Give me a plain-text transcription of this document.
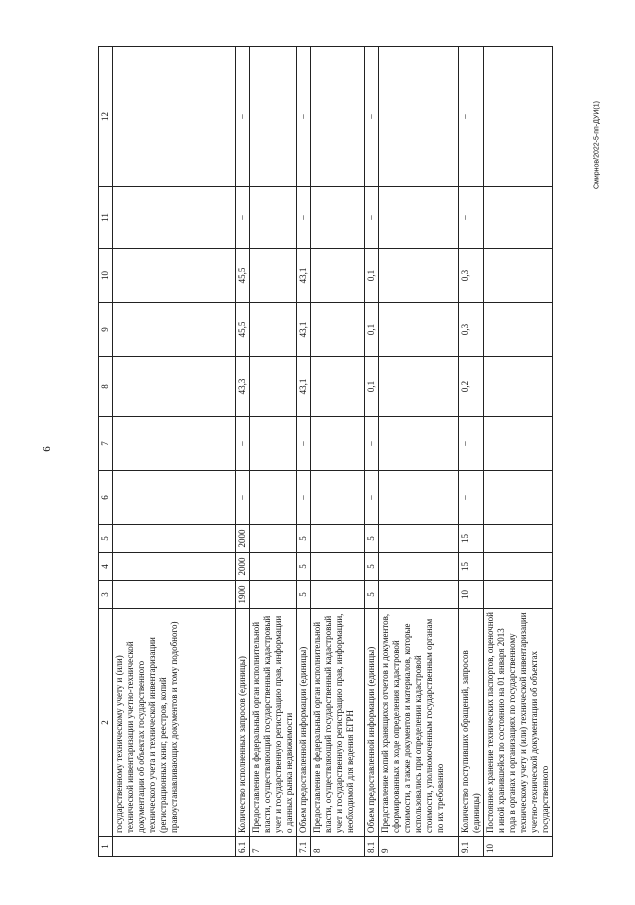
6
Смирнов/2022-5-пп-ДУИ(1)
1	2	3	4	5	6	7	8	9	10	11	12
	государственному техническому учету и (или) технической инвентаризации учетно-технической документации об объектах государственного технического учета и технической инвентаризации (регистрационных книг, реестров, копий правоустанавливающих документов и тому подобного)										
6.1	Количество исполненных запросов (единицы)	1900	2000	2000	–	–	43,3	45,5	45,5	–	–
7	Предоставление в федеральный орган исполнительной власти, осуществляющий государственный кадастровый учет и государственную регистрацию прав, информации о данных рынка недвижимости										
7.1	Объем предоставленной информации (единицы)	5	5	5	–	–	43,1	43,1	43,1	–	–
8	Предоставление в федеральный орган исполнительной власти, осуществляющий государственный кадастровый учет и государственную регистрацию прав, информации, необходимой для ведения ЕГРН										
8.1	Объем предоставленной информации (единицы)	5	5	5	–	–	0,1	0,1	0,1	–	–
9	Представление копий хранящихся отчетов и документов, сформированных в ходе определения кадастровой стоимости, а также документов и материалов, которые использовались при определении кадастровой стоимости, уполномоченным государственным органам по их требованию										
9.1	Количество поступивших обращений, запросов (единицы)	10	15	15	–	–	0,2	0,3	0,3	–	–
10	Постоянное хранение технических паспортов, оценочной и иной хранившейся по состоянию на 01 января 2013 года в органах и организациях по государственному техническому учету и (или) технической инвентаризации учетно-технической документации об объектах государственного										
